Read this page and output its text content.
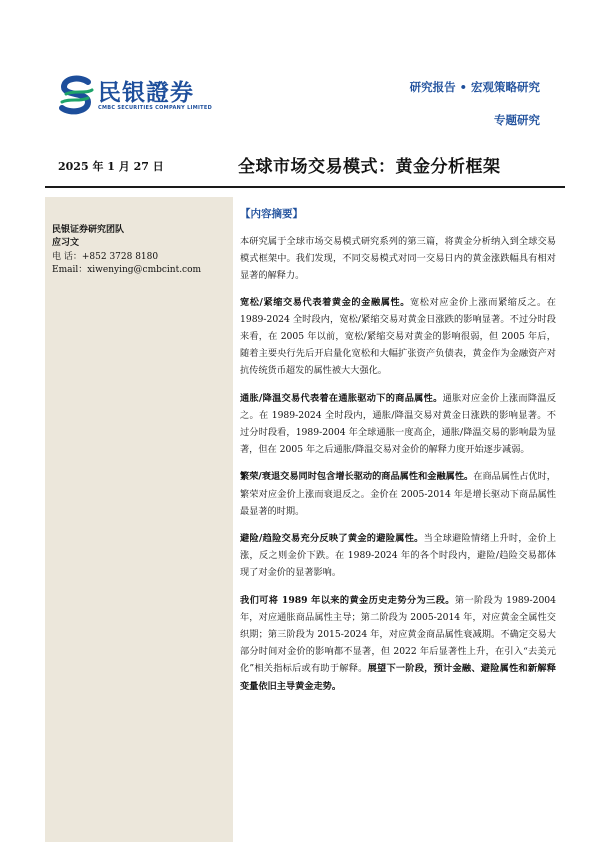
民银證券
CMBC SECURITIES COMPANY LIMITED
研究报告 • 宏观策略研究
专题研究
2025 年 1 月 27 日	全球市场交易模式：黄金分析框架
民银证券研究团队
应习文
电 话：+852 3728 8180
Email：xiwenying@cmbcint.com
【内容摘要】

本研究属于全球市场交易模式研究系列的第三篇，将黄金分析纳入到全球交易模式框架中。我们发现，不同交易模式对同一交易日内的黄金涨跌幅具有相对显著的解释力。

宽松/紧缩交易代表着黄金的金融属性。宽松对应金价上涨而紧缩反之。在 1989-2024 全时段内，宽松/紧缩交易对黄金日涨跌的影响显著。不过分时段来看，在 2005 年以前，宽松/紧缩交易对黄金的影响很弱，但 2005 年后，随着主要央行先后开启量化宽松和大幅扩张资产负债表，黄金作为金融资产对抗传统货币超发的属性被大大强化。

通胀/降温交易代表着在通胀驱动下的商品属性。通胀对应金价上涨而降温反之。在 1989-2024 全时段内，通胀/降温交易对黄金日涨跌的影响显著。不过分时段看，1989-2004 年全球通胀一度高企，通胀/降温交易的影响最为显著，但在 2005 年之后通胀/降温交易对金价的解释力度开始逐步减弱。

繁荣/衰退交易同时包含增长驱动的商品属性和金融属性。在商品属性占优时，繁荣对应金价上涨而衰退反之。金价在 2005-2014 年是增长驱动下商品属性最显著的时期。

避险/趋险交易充分反映了黄金的避险属性。当全球避险情绪上升时，金价上涨，反之则金价下跌。在 1989-2024 年的各个时段内，避险/趋险交易都体现了对金价的显著影响。

我们可将 1989 年以来的黄金历史走势分为三段。第一阶段为 1989-2004 年，对应通胀商品属性主导；第二阶段为 2005-2014 年，对应黄金全属性交织期；第三阶段为 2015-2024 年，对应黄金商品属性衰减期。不确定交易大部分时间对金价的影响都不显著，但 2022 年后显著性上升，在引入“去美元化”相关指标后或有助于解释。展望下一阶段，预计金融、避险属性和新解释变量依旧主导黄金走势。
